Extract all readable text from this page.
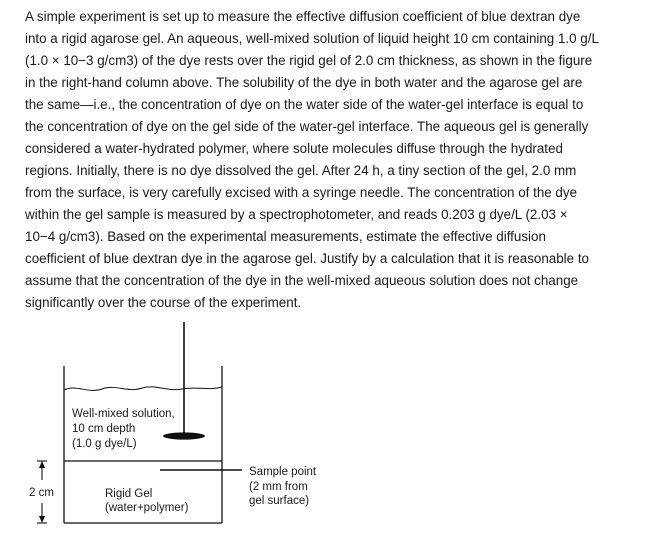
A simple experiment is set up to measure the effective diffusion coefficient of blue dextran dye
into a rigid agarose gel. An aqueous, well-mixed solution of liquid height 10 cm containing 1.0 g/L
(1.0 × 10−3 g/cm3) of the dye rests over the rigid gel of 2.0 cm thickness, as shown in the figure
in the right-hand column above. The solubility of the dye in both water and the agarose gel are
the same—i.e., the concentration of dye on the water side of the water-gel interface is equal to
the concentration of dye on the gel side of the water-gel interface. The aqueous gel is generally
considered a water-hydrated polymer, where solute molecules diffuse through the hydrated
regions. Initially, there is no dye dissolved the gel. After 24 h, a tiny section of the gel, 2.0 mm
from the surface, is very carefully excised with a syringe needle. The concentration of the dye
within the gel sample is measured by a spectrophotometer, and reads 0.203 g dye/L (2.03 ×
10−4 g/cm3). Based on the experimental measurements, estimate the effective diffusion
coefficient of blue dextran dye in the agarose gel. Justify by a calculation that it is reasonable to
assume that the concentration of the dye in the well-mixed aqueous solution does not change
significantly over the course of the experiment.

2 cm
Well-mixed solution,
10 cm depth
(1.0 g dye/L)
Rigid Gel
(water+polymer)
Sample point
(2 mm from
gel surface)
